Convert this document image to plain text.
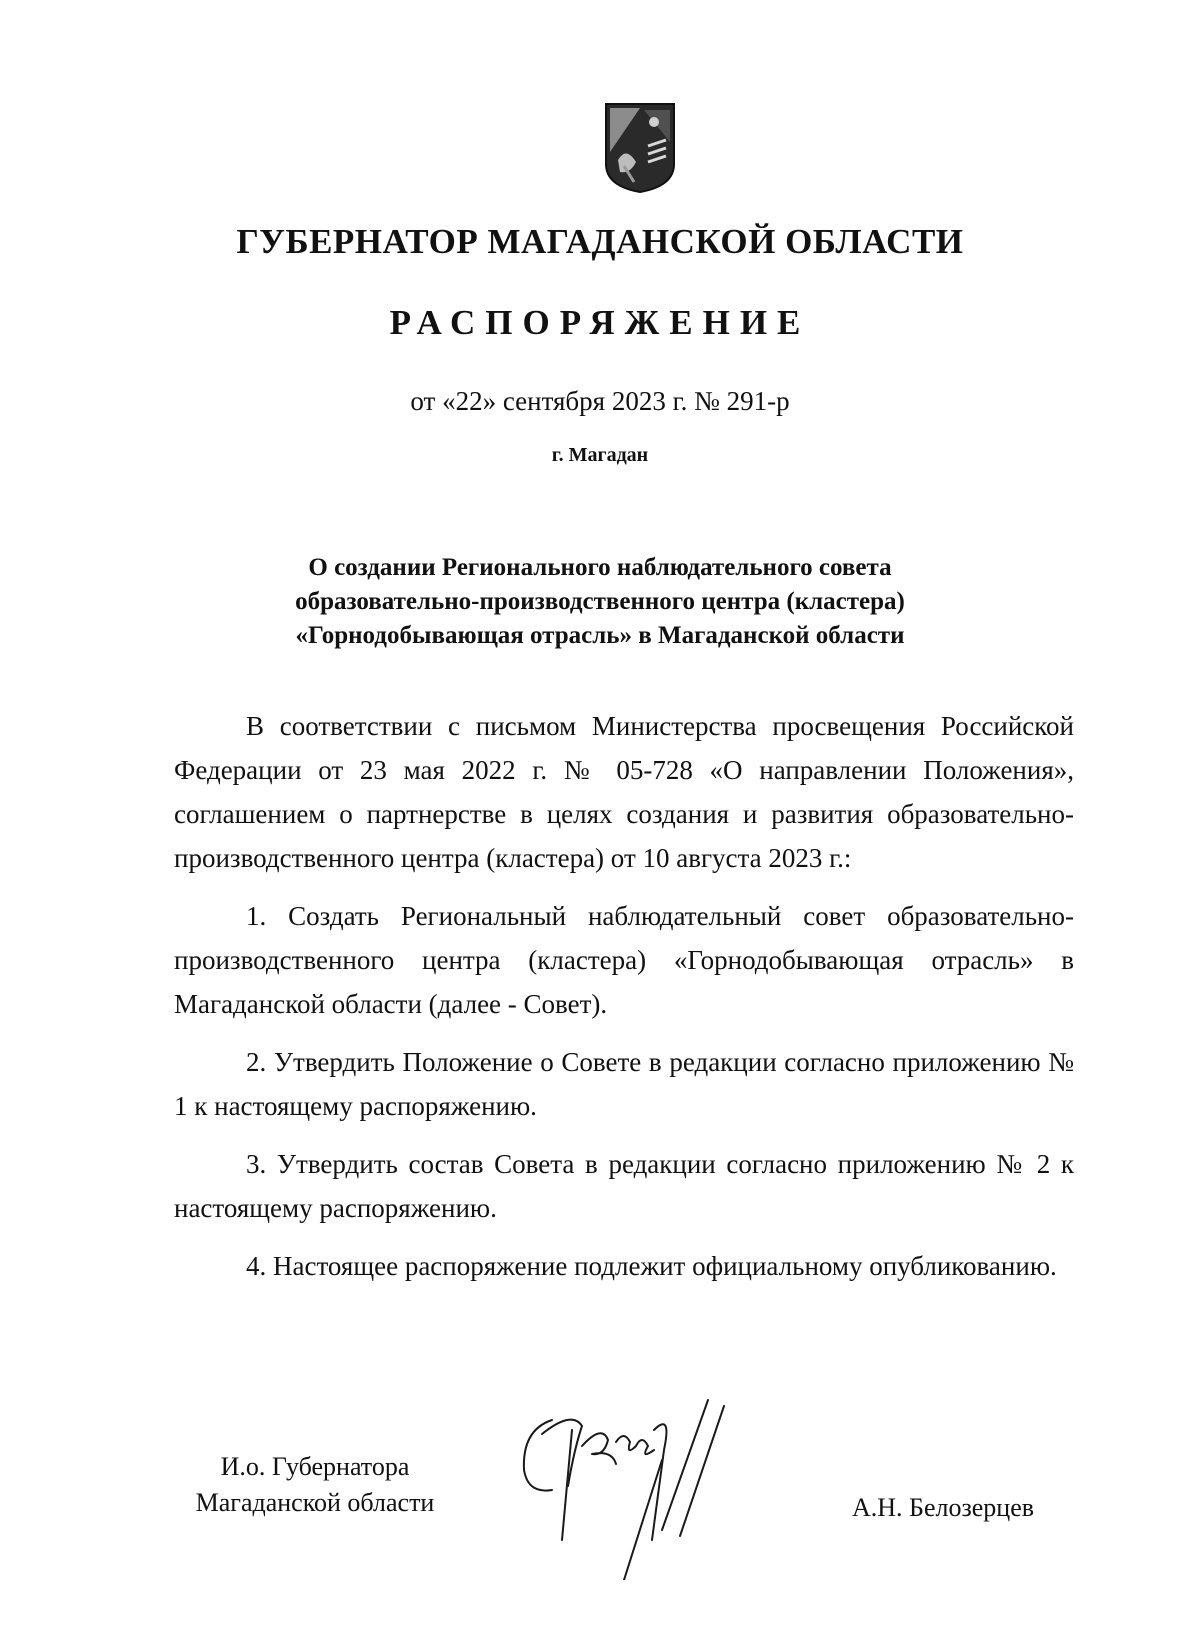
ГУБЕРНАТОР МАГАДАНСКОЙ ОБЛАСТИ
РАСПОРЯЖЕНИЕ
от «22» сентября 2023 г. № 291-р
г. Магадан
О создании Регионального наблюдательного совета
образовательно-производственного центра (кластера)
«Горнодобывающая отрасль» в Магаданской области

В соответствии с письмом Министерства просвещения Российской Федерации от 23 мая 2022 г. № 05-728 «О направлении Положения», соглашением о партнерстве в целях создания и развития образовательно-производственного центра (кластера) от 10 августа 2023 г.:

1. Создать Региональный наблюдательный совет образовательно-производственного центра (кластера) «Горнодобывающая отрасль» в Магаданской области (далее - Совет).

2. Утвердить Положение о Совете в редакции согласно приложению № 1 к настоящему распоряжению.

3. Утвердить состав Совета в редакции согласно приложению № 2 к настоящему распоряжению.

4. Настоящее распоряжение подлежит официальному опубликованию.

И.о. Губернатора
Магаданской области	А.Н. Белозерцев
